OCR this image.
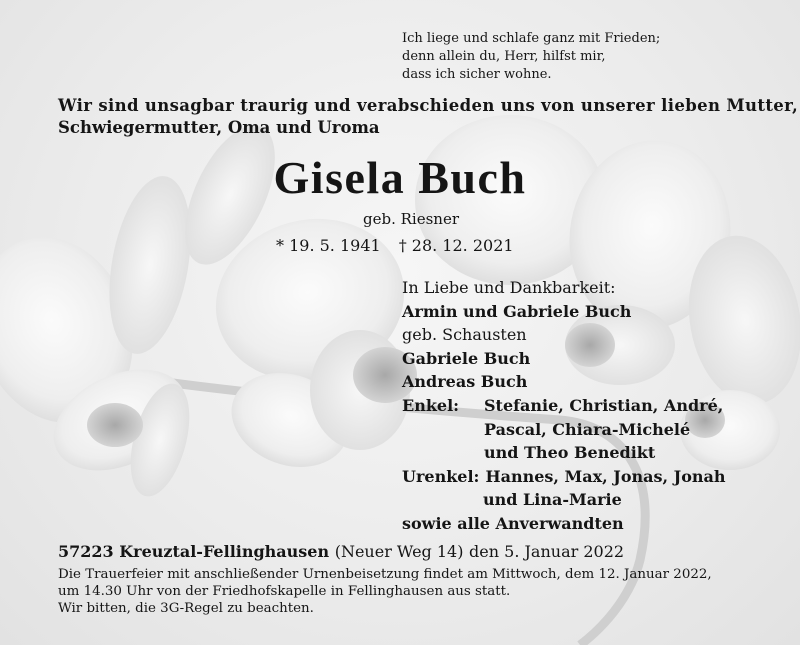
Ich liege und schlafe ganz mit Frieden;
denn allein du, Herr, hilfst mir,
dass ich sicher wohne.
Wir sind unsagbar traurig und verabschieden uns von unserer lieben Mutter,
Schwiegermutter, Oma und Uroma
Gisela Buch
geb. Riesner
* 19. 5. 1941 † 28. 12. 2021
In Liebe und Dankbarkeit:
Armin und Gabriele Buch
geb. Schausten
Gabriele Buch
Andreas Buch
Enkel: Stefanie, Christian, André,
Pascal, Chiara-Michelé
und Theo Benedikt
Urenkel: Hannes, Max, Jonas, Jonah
und Lina-Marie
sowie alle Anverwandten
57223 Kreuztal-Fellinghausen (Neuer Weg 14) den 5. Januar 2022
Die Trauerfeier mit anschließender Urnenbeisetzung findet am Mittwoch, dem 12. Januar 2022,
um 14.30 Uhr von der Friedhofskapelle in Fellinghausen aus statt.
Wir bitten, die 3G-Regel zu beachten.
